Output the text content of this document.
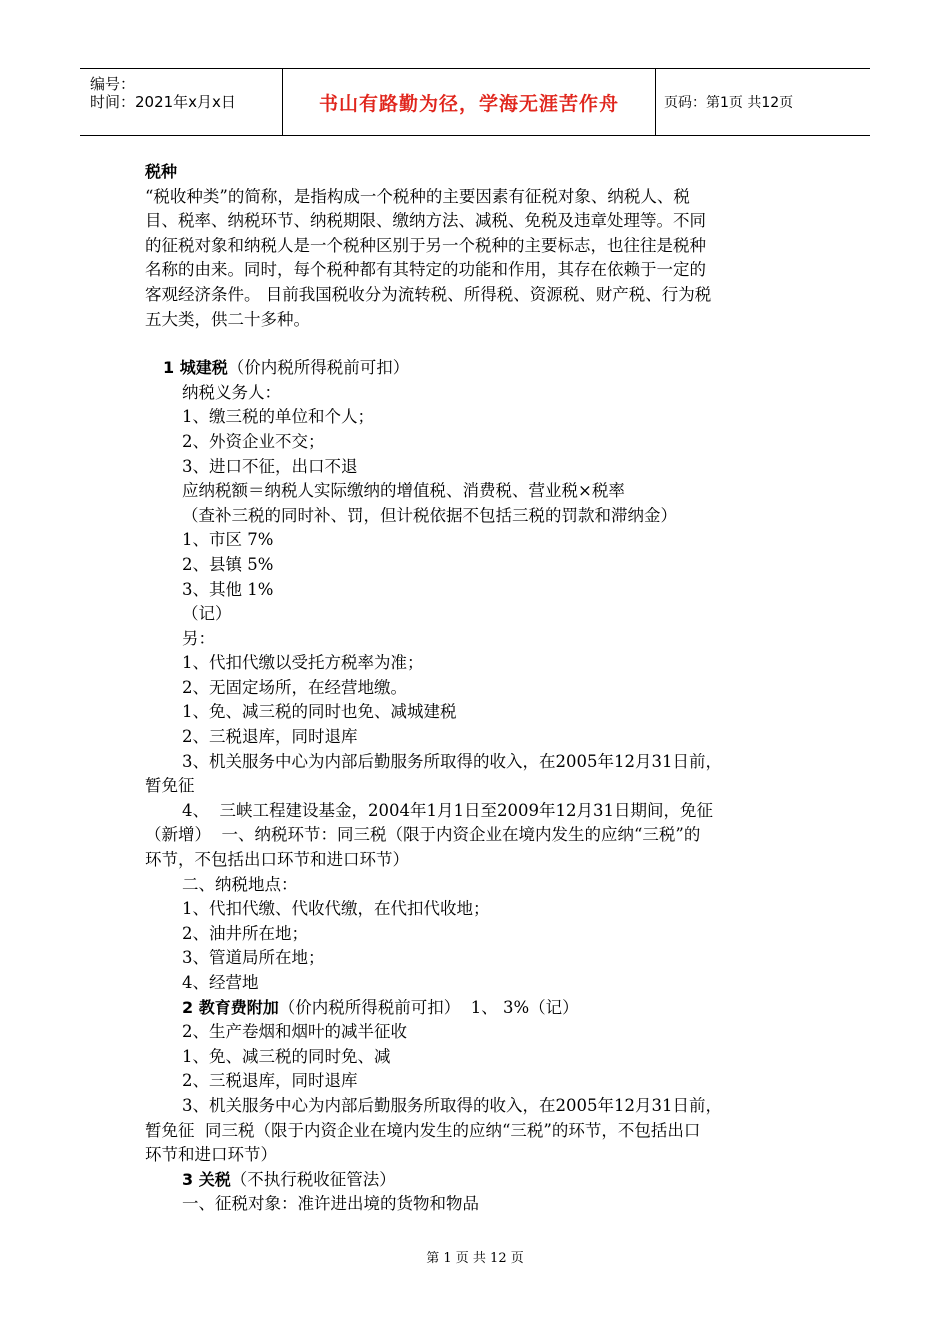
编号：
时间：2021年x月x日	书山有路勤为径，学海无涯苦作舟	页码：第1页 共12页

税种

“税收种类”的简称，是指构成一个税种的主要因素有征税对象、纳税人、税

目、税率、纳税环节、纳税期限、缴纳方法、减税、免税及违章处理等。不同

的征税对象和纳税人是一个税种区别于另一个税种的主要标志，也往往是税种

名称的由来。同时，每个税种都有其特定的功能和作用，其存在依赖于一定的

客观经济条件。 目前我国税收分为流转税、所得税、资源税、财产税、行为税

五大类，供二十多种。

1 城建税（价内税所得税前可扣）

纳税义务人：

1、缴三税的单位和个人；

2、外资企业不交；

3、进口不征，出口不退

应纳税额＝纳税人实际缴纳的增值税、消费税、营业税×税率

（查补三税的同时补、罚，但计税依据不包括三税的罚款和滞纳金）

1、市区 7%

2、县镇 5%

3、其他 1%

（记）

另：

1、代扣代缴以受托方税率为准；

2、无固定场所，在经营地缴。

1、免、减三税的同时也免、减城建税

2、三税退库，同时退库

3、机关服务中心为内部后勤服务所取得的收入，在2005年12月31日前，

暂免征

4、  三峡工程建设基金，2004年1月1日至2009年12月31日期间，免征

（新增）  一、纳税环节：同三税（限于内资企业在境内发生的应纳“三税”的

环节，不包括出口环节和进口环节）

二、纳税地点：

1、代扣代缴、代收代缴，在代扣代收地；

2、油井所在地；

3、管道局所在地；

4、经营地

2 教育费附加（价内税所得税前可扣）  1、 3%（记）

2、生产卷烟和烟叶的减半征收

1、免、减三税的同时免、减

2、三税退库，同时退库

3、机关服务中心为内部后勤服务所取得的收入，在2005年12月31日前，

暂免征  同三税（限于内资企业在境内发生的应纳“三税”的环节，不包括出口

环节和进口环节）

3 关税（不执行税收征管法）

一、征税对象：准许进出境的货物和物品

第 1 页 共 12 页
